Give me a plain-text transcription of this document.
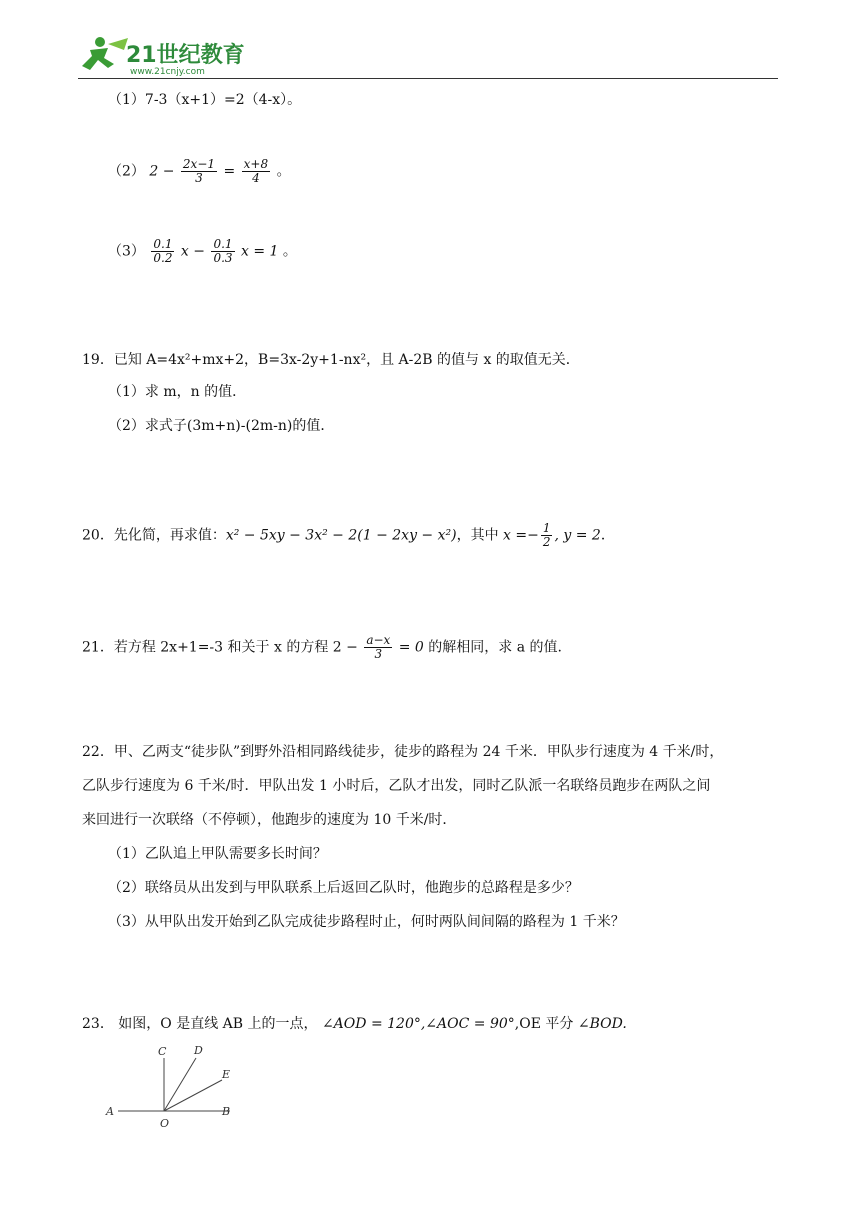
21世纪教育
www.21cnjy.com
（1）7-3（x+1）=2（4-x）。
（2） $2 - \frac{2x-1}{3} = \frac{x+8}{4}$ 。
$(3) \frac{0.1}{0.2}$ $x - \frac{0.1}{0.3}$ x = 1 。
19．已知 A=4x²+mx+2，B=3x-2y+1-nx²，且 A-2B 的值与 x 的取值无关．
（1）求 m，n 的值．
（2）求式子(3m+n)-(2m-n)的值．
20．先化简，再求值：x² − 5xy − 3x² − 2(1 − 2xy − x²)，其中 $x =- \frac{1}{2}$ , y = 2．
21．若方程 2x+1=-3 和关于 x 的方程 $2 - \frac{a-x}{3} = 0$ 的解相同，求 a 的值.
22．甲、乙两支“徒步队”到野外沿相同路线徒步，徒步的路程为 24 千米．甲队步行速度为 4 千米/时，
乙队步行速度为 6 千米/时．甲队出发 1 小时后，乙队才出发，同时乙队派一名联络员跑步在两队之间
来回进行一次联络（不停顿），他跑步的速度为 10 千米/时．
（1）乙队追上甲队需要多长时间？
（2）联络员从出发到与甲队联系上后返回乙队时，他跑步的总路程是多少？
（3）从甲队出发开始到乙队完成徒步路程时止，何时两队间间隔的路程为 1 千米？
23． 如图，O 是直线 AB 上的一点， ∠AOD = 120°,∠AOC = 90°,OE 平分 ∠BOD.
A	B
C	D
E
O
